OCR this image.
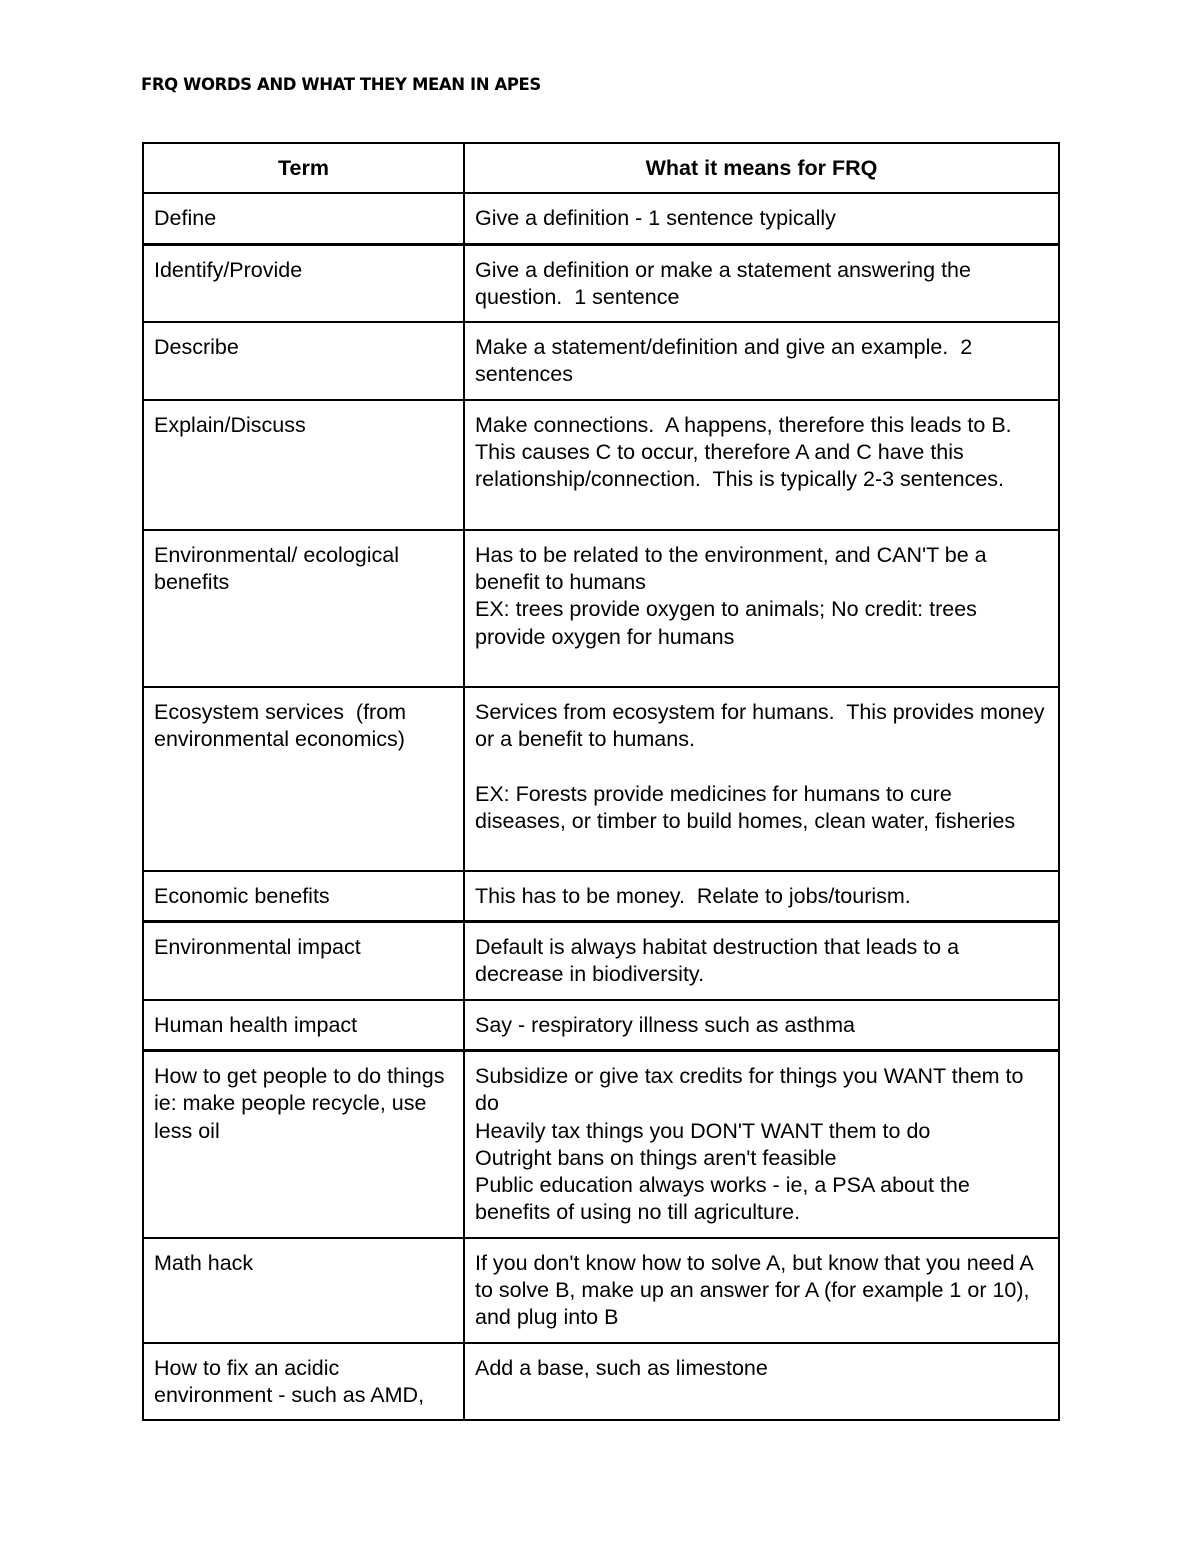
FRQ WORDS AND WHAT THEY MEAN IN APES
Term	What it means for FRQ
Define	Give a definition - 1 sentence typically
Identify/Provide	Give a definition or make a statement answering the question.  1 sentence
Describe	Make a statement/definition and give an example.  2 sentences
Explain/Discuss	Make connections.  A happens, therefore this leads to B.  This causes C to occur, therefore A and C have this relationship/connection.  This is typically 2-3 sentences.
Environmental/ ecological benefits	Has to be related to the environment, and CAN'T be a benefit to humans
EX: trees provide oxygen to animals; No credit: trees provide oxygen for humans

Ecosystem services  (from environmental economics)	Services from ecosystem for humans.  This provides money or a benefit to humans.

EX: Forests provide medicines for humans to cure diseases, or timber to build homes, clean water, fisheries
Economic benefits	This has to be money.  Relate to jobs/tourism.
Environmental impact	Default is always habitat destruction that leads to a decrease in biodiversity.
Human health impact	Say - respiratory illness such as asthma
How to get people to do things ie: make people recycle, use less oil	Subsidize or give tax credits for things you WANT them to do
Heavily tax things you DON'T WANT them to do
Outright bans on things aren't feasible
Public education always works - ie, a PSA about the benefits of using no till agriculture.
Math hack	If you don't know how to solve A, but know that you need A to solve B, make up an answer for A (for example 1 or 10), and plug into B
How to fix an acidic environment - such as AMD,	Add a base, such as limestone
